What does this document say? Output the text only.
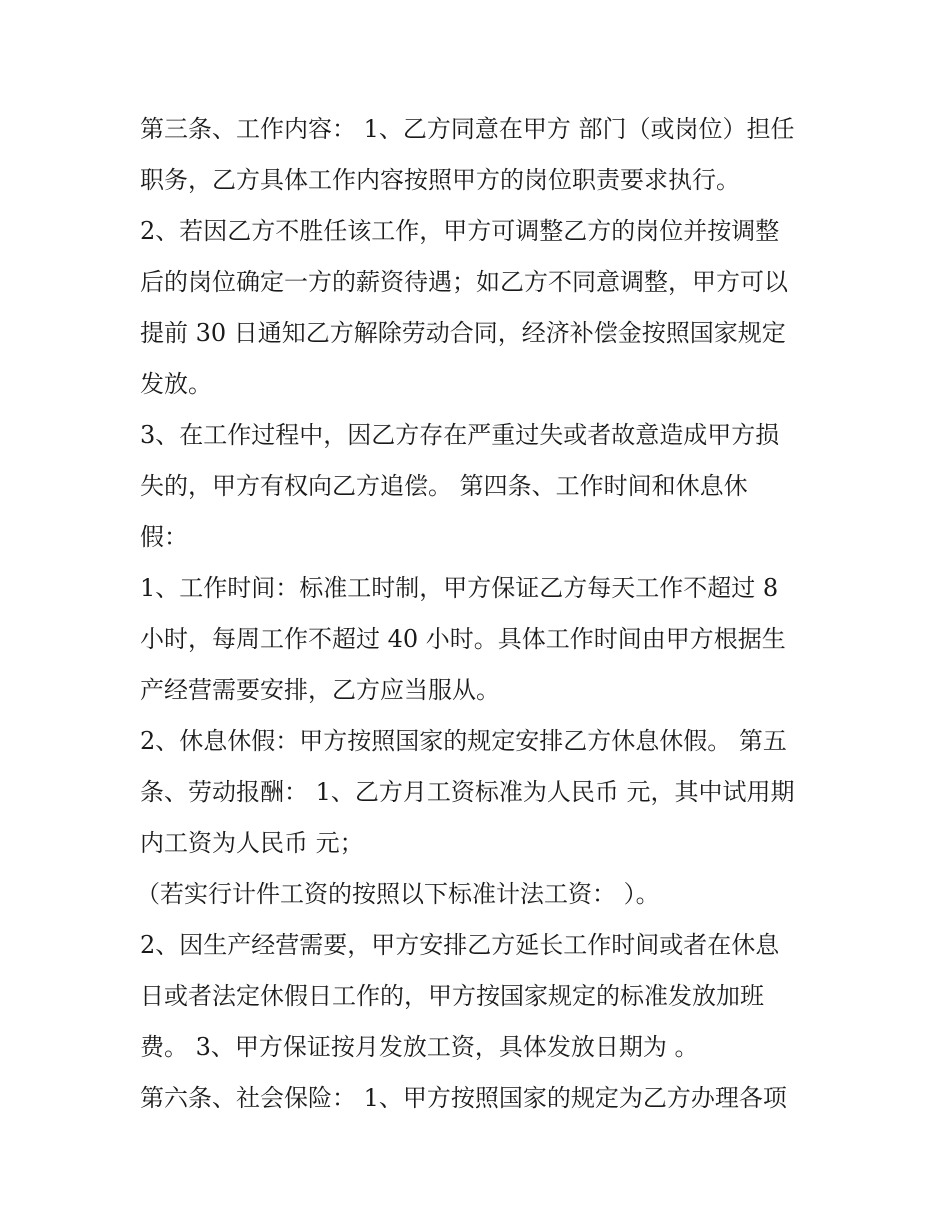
第三条、工作内容： 1、乙方同意在甲方 部门（或岗位）担任
职务，乙方具体工作内容按照甲方的岗位职责要求执行。
2、若因乙方不胜任该工作，甲方可调整乙方的岗位并按调整
后的岗位确定一方的薪资待遇；如乙方不同意调整，甲方可以
提前 30 日通知乙方解除劳动合同，经济补偿金按照国家规定
发放。
3、在工作过程中，因乙方存在严重过失或者故意造成甲方损
失的，甲方有权向乙方追偿。 第四条、工作时间和休息休
假：
1、工作时间：标准工时制，甲方保证乙方每天工作不超过 8
小时，每周工作不超过 40 小时。具体工作时间由甲方根据生
产经营需要安排，乙方应当服从。
2、休息休假：甲方按照国家的规定安排乙方休息休假。 第五
条、劳动报酬： 1、乙方月工资标准为人民币 元，其中试用期
内工资为人民币 元；
（若实行计件工资的按照以下标准计法工资： ）。
2、因生产经营需要，甲方安排乙方延长工作时间或者在休息
日或者法定休假日工作的，甲方按国家规定的标准发放加班
费。 3、甲方保证按月发放工资，具体发放日期为 。
第六条、社会保险： 1、甲方按照国家的规定为乙方办理各项
